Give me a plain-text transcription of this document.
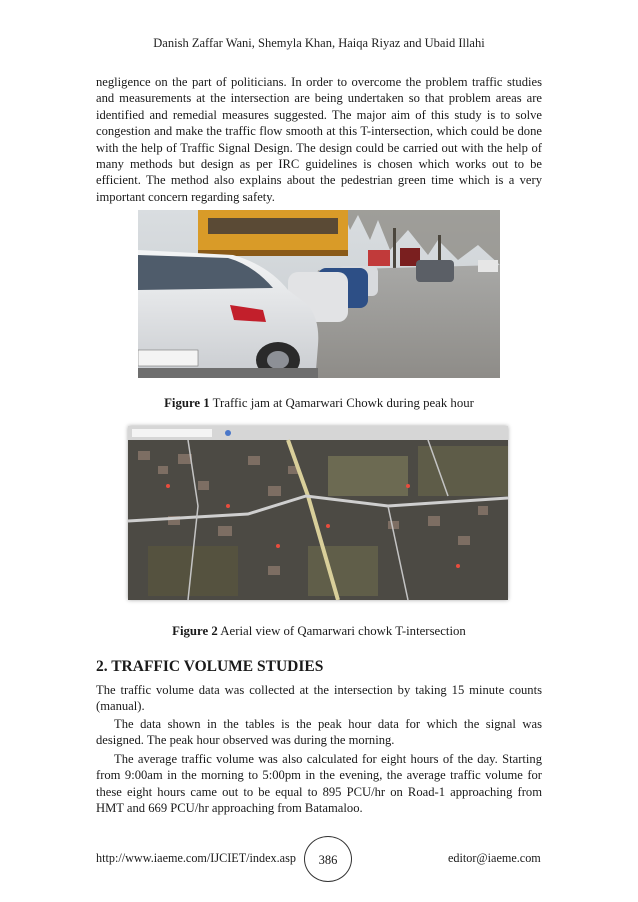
Danish Zaffar Wani, Shemyla Khan, Haiqa Riyaz and Ubaid Illahi

negligence on the part of politicians. In order to overcome the problem traffic studies and measurements at the intersection are being undertaken so that problem areas are identified and remedial measures suggested. The major aim of this study is to solve congestion and make the traffic flow smooth at this T-intersection, which could be done with the help of Traffic Signal Design. The design could be carried out with the help of many methods but design as per IRC guidelines is chosen which works out to be efficient. The method also explains about the pedestrian green time which is a very important concern regarding safety.

Figure 1 Traffic jam at Qamarwari Chowk during peak hour
Figure 2 Aerial view of Qamarwari chowk T-intersection
2. TRAFFIC VOLUME STUDIES

The traffic volume data was collected at the intersection by taking 15 minute counts (manual).

The data shown in the tables is the peak hour data for which the signal was designed. The peak hour observed was during the morning.

The average traffic volume was also calculated for eight hours of the day. Starting from 9:00am in the morning to 5:00pm in the evening, the average traffic volume for these eight hours came out to be equal to 895 PCU/hr on Road-1 approaching from HMT and 669 PCU/hr approaching from Batamaloo.

http://www.iaeme.com/IJCIET/index.asp	386	editor@iaeme.com
